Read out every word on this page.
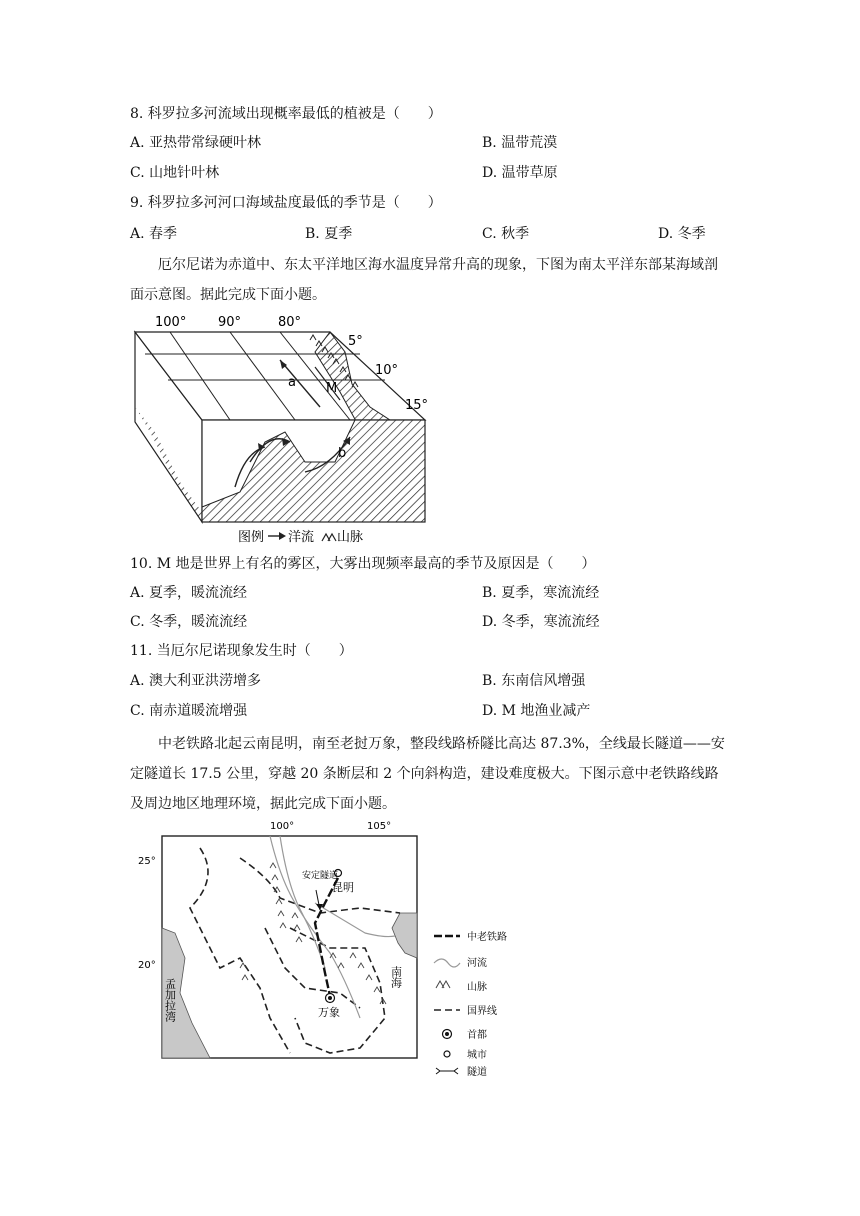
8. 科罗拉多河流域出现概率最低的植被是（　　）
A. 亚热带常绿硬叶林	B. 温带荒漠
C. 山地针叶林	D. 温带草原
9. 科罗拉多河河口海域盐度最低的季节是（　　）
A. 春季	B. 夏季	C. 秋季	D. 冬季
厄尔尼诺为赤道中、东太平洋地区海水温度异常升高的现象，下图为南太平洋东部某海域剖面示意图。据此完成下面小题。
100° 90°	80°
5°
10°
15°
a M
b
图例 洋流 山脉
10. M 地是世界上有名的雾区，大雾出现频率最高的季节及原因是（　　）
A. 夏季，暖流流经	B. 夏季，寒流流经
C. 冬季，暖流流经	D. 冬季，寒流流经
11. 当厄尔尼诺现象发生时（　　）
A. 澳大利亚洪涝增多	B. 东南信风增强
C. 南赤道暖流增强	D. M 地渔业减产
中老铁路北起云南昆明，南至老挝万象，整段线路桥隧比高达 87.3%，全线最长隧道——安定隧道长 17.5 公里，穿越 20 条断层和 2 个向斜构造，建设难度极大。下图示意中老铁路线路及周边地区地理环境，据此完成下面小题。
100°	105°
25°
20°
安定隧道
昆明
万象
南海
孟加拉湾
中老铁路
河流
山脉
国界线
首都
城市
隧道
